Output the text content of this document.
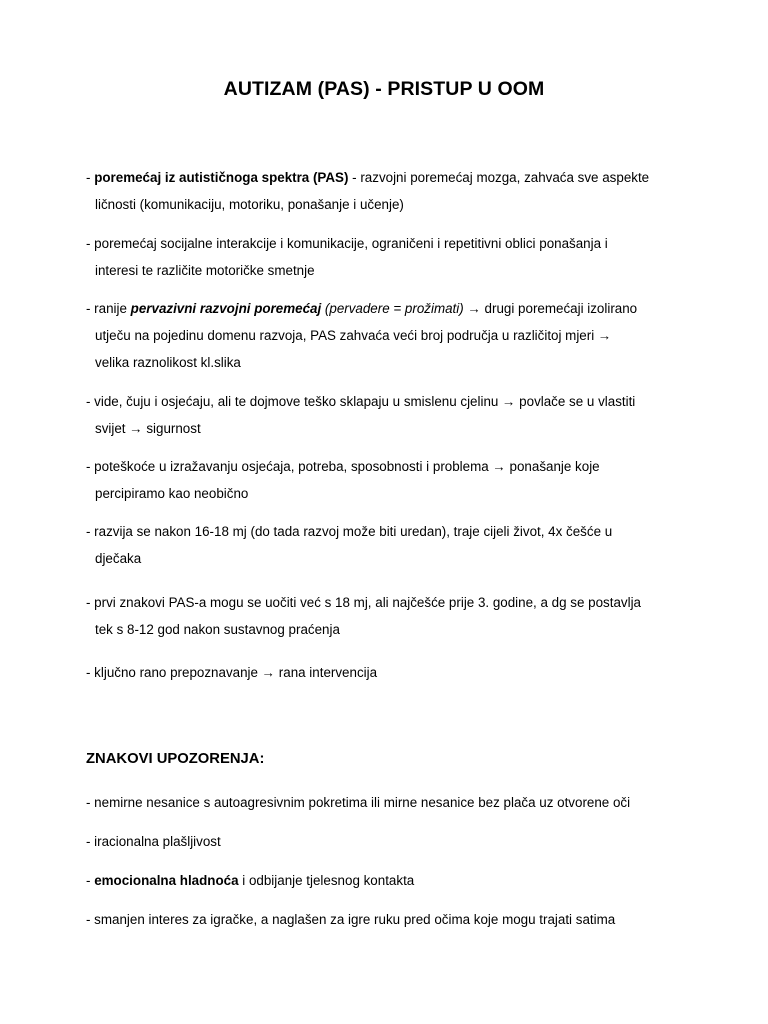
AUTIZAM (PAS) - PRISTUP U OOM

- poremećaj iz autističnoga spektra (PAS) - razvojni poremećaj mozga, zahvaća sve aspekte
ličnosti (komunikaciju, motoriku, ponašanje i učenje)

- poremećaj socijalne interakcije i komunikacije, ograničeni i repetitivni oblici ponašanja i
interesi te različite motoričke smetnje

- ranije pervazivni razvojni poremećaj (pervadere = prožimati) → drugi poremećaji izolirano
utječu na pojedinu domenu razvoja, PAS zahvaća veći broj područja u različitoj mjeri →
velika raznolikost kl.slika

- vide, čuju i osjećaju, ali te dojmove teško sklapaju u smislenu cjelinu → povlače se u vlastiti
svijet → sigurnost

- poteškoće u izražavanju osjećaja, potreba, sposobnosti i problema → ponašanje koje
percipiramo kao neobično

- razvija se nakon 16-18 mj (do tada razvoj može biti uredan), traje cijeli život, 4x češće u
dječaka

- prvi znakovi PAS-a mogu se uočiti već s 18 mj, ali najčešće prije 3. godine, a dg se postavlja
tek s 8-12 god nakon sustavnog praćenja

- ključno rano prepoznavanje → rana intervencija

ZNAKOVI UPOZORENJA:

- nemirne nesanice s autoagresivnim pokretima ili mirne nesanice bez plača uz otvorene oči

- iracionalna plašljivost

- emocionalna hladnoća i odbijanje tjelesnog kontakta

- smanjen interes za igračke, a naglašen za igre ruku pred očima koje mogu trajati satima
